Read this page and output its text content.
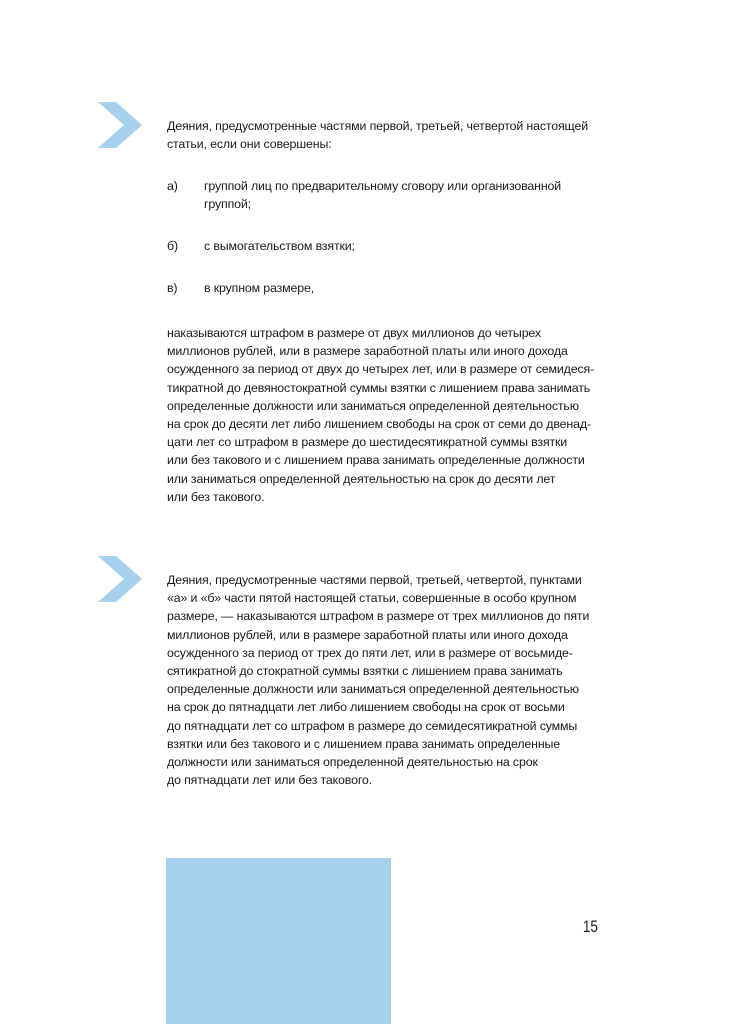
Деяния, предусмотренные частями первой, третьей, четвертой настоящей
статьи, если они совершены:

а) группой лиц по предварительному сговору или организованной
группой;
б) с вымогательством взятки;
в) в крупном размере,

наказываются штрафом в размере от двух миллионов до четырех
миллионов рублей, или в размере заработной платы или иного дохода
осужденного за период от двух до четырех лет, или в размере от семидеся-
тикратной до девяностократной суммы взятки с лишением права занимать
определенные должности или заниматься определенной деятельностью
на срок до десяти лет либо лишением свободы на срок от семи до двенад-
цати лет со штрафом в размере до шестидесятикратной суммы взятки
или без такового и с лишением права занимать определенные должности
или заниматься определенной деятельностью на срок до десяти лет
или без такового.

Деяния, предусмотренные частями первой, третьей, четвертой, пунктами
«а» и «б» части пятой настоящей статьи, совершенные в особо крупном
размере, — наказываются штрафом в размере от трех миллионов до пяти
миллионов рублей, или в размере заработной платы или иного дохода
осужденного за период от трех до пяти лет, или в размере от восьмиде-
сятикратной до стократной суммы взятки с лишением права занимать
определенные должности или заниматься определенной деятельностью
на срок до пятнадцати лет либо лишением свободы на срок от восьми
до пятнадцати лет со штрафом в размере до семидесятикратной суммы
взятки или без такового и с лишением права занимать определенные
должности или заниматься определенной деятельностью на срок
до пятнадцати лет или без такового.

15
